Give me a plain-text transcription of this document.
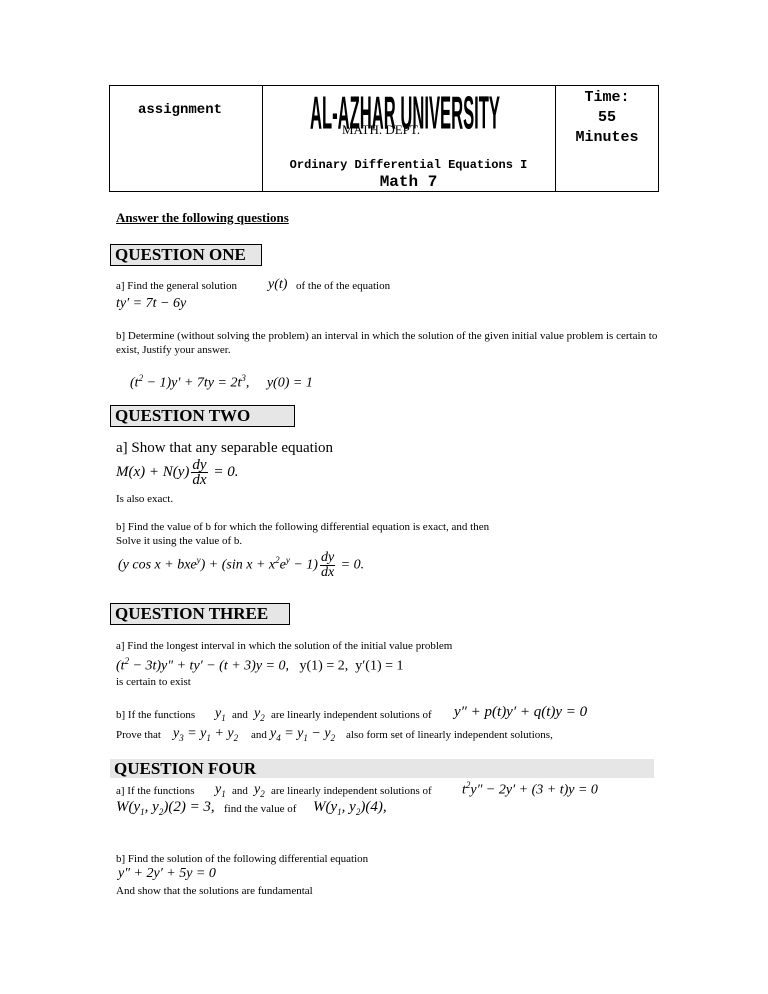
assignment AL-AZHAR UNIVERSITY
MATH. DEPT.
Ordinary Differential Equations I
Math 7
Time:
55
Minutes
Answer the following questions
QUESTION ONE
a] Find the general solution y(t) of the of the equation
ty′ = 7t − 6y
b] Determine (without solving the problem) an interval in which the solution of the given initial value problem is certain to exist, Justify your answer.
$(t^2 - 1)y' + 7ty = 2t^3$,     y(0) = 1
QUESTION TWO
a] Show that any separable equation
$M(x) + N(y) \frac{dy}{dx} = 0$.
Is also exact.
b] Find the value of b for which the following differential equation is exact, and then
Solve it using the value of b.
(y cos x + bxe$^y$) + (sin $x + x^2e^y - 1) \frac{dy}{dx} = 0$.
QUESTION THREE
a] Find the longest interval in which the solution of the initial value problem
$(t^2 - 3t)y'' + ty' - (t + 3)y = 0$,   y(1) = 2,  y′(1) = 1
is certain to exist
b] If the functions $y_1$ and $y_2$ are linearly independent solutions of y″ + p(t)y′ + q(t)y = 0
Prove that $y_3 = y_1 + y_2$ and $y_4 = y_1 - y_2$ also form set of linearly independent solutions,
QUESTION FOUR
a] If the functions $y_1$ and $y_2$ are linearly independent solutions of $t^2y'' - 2y' + (3 + t)y = 0$
$W(y_1$, $y_2)(2) = 3$, find the value of $W(y_1$, $y_2)(4)$,
b] Find the solution of the following differential equation
y″ + 2y′ + 5y = 0
And show that the solutions are fundamental
